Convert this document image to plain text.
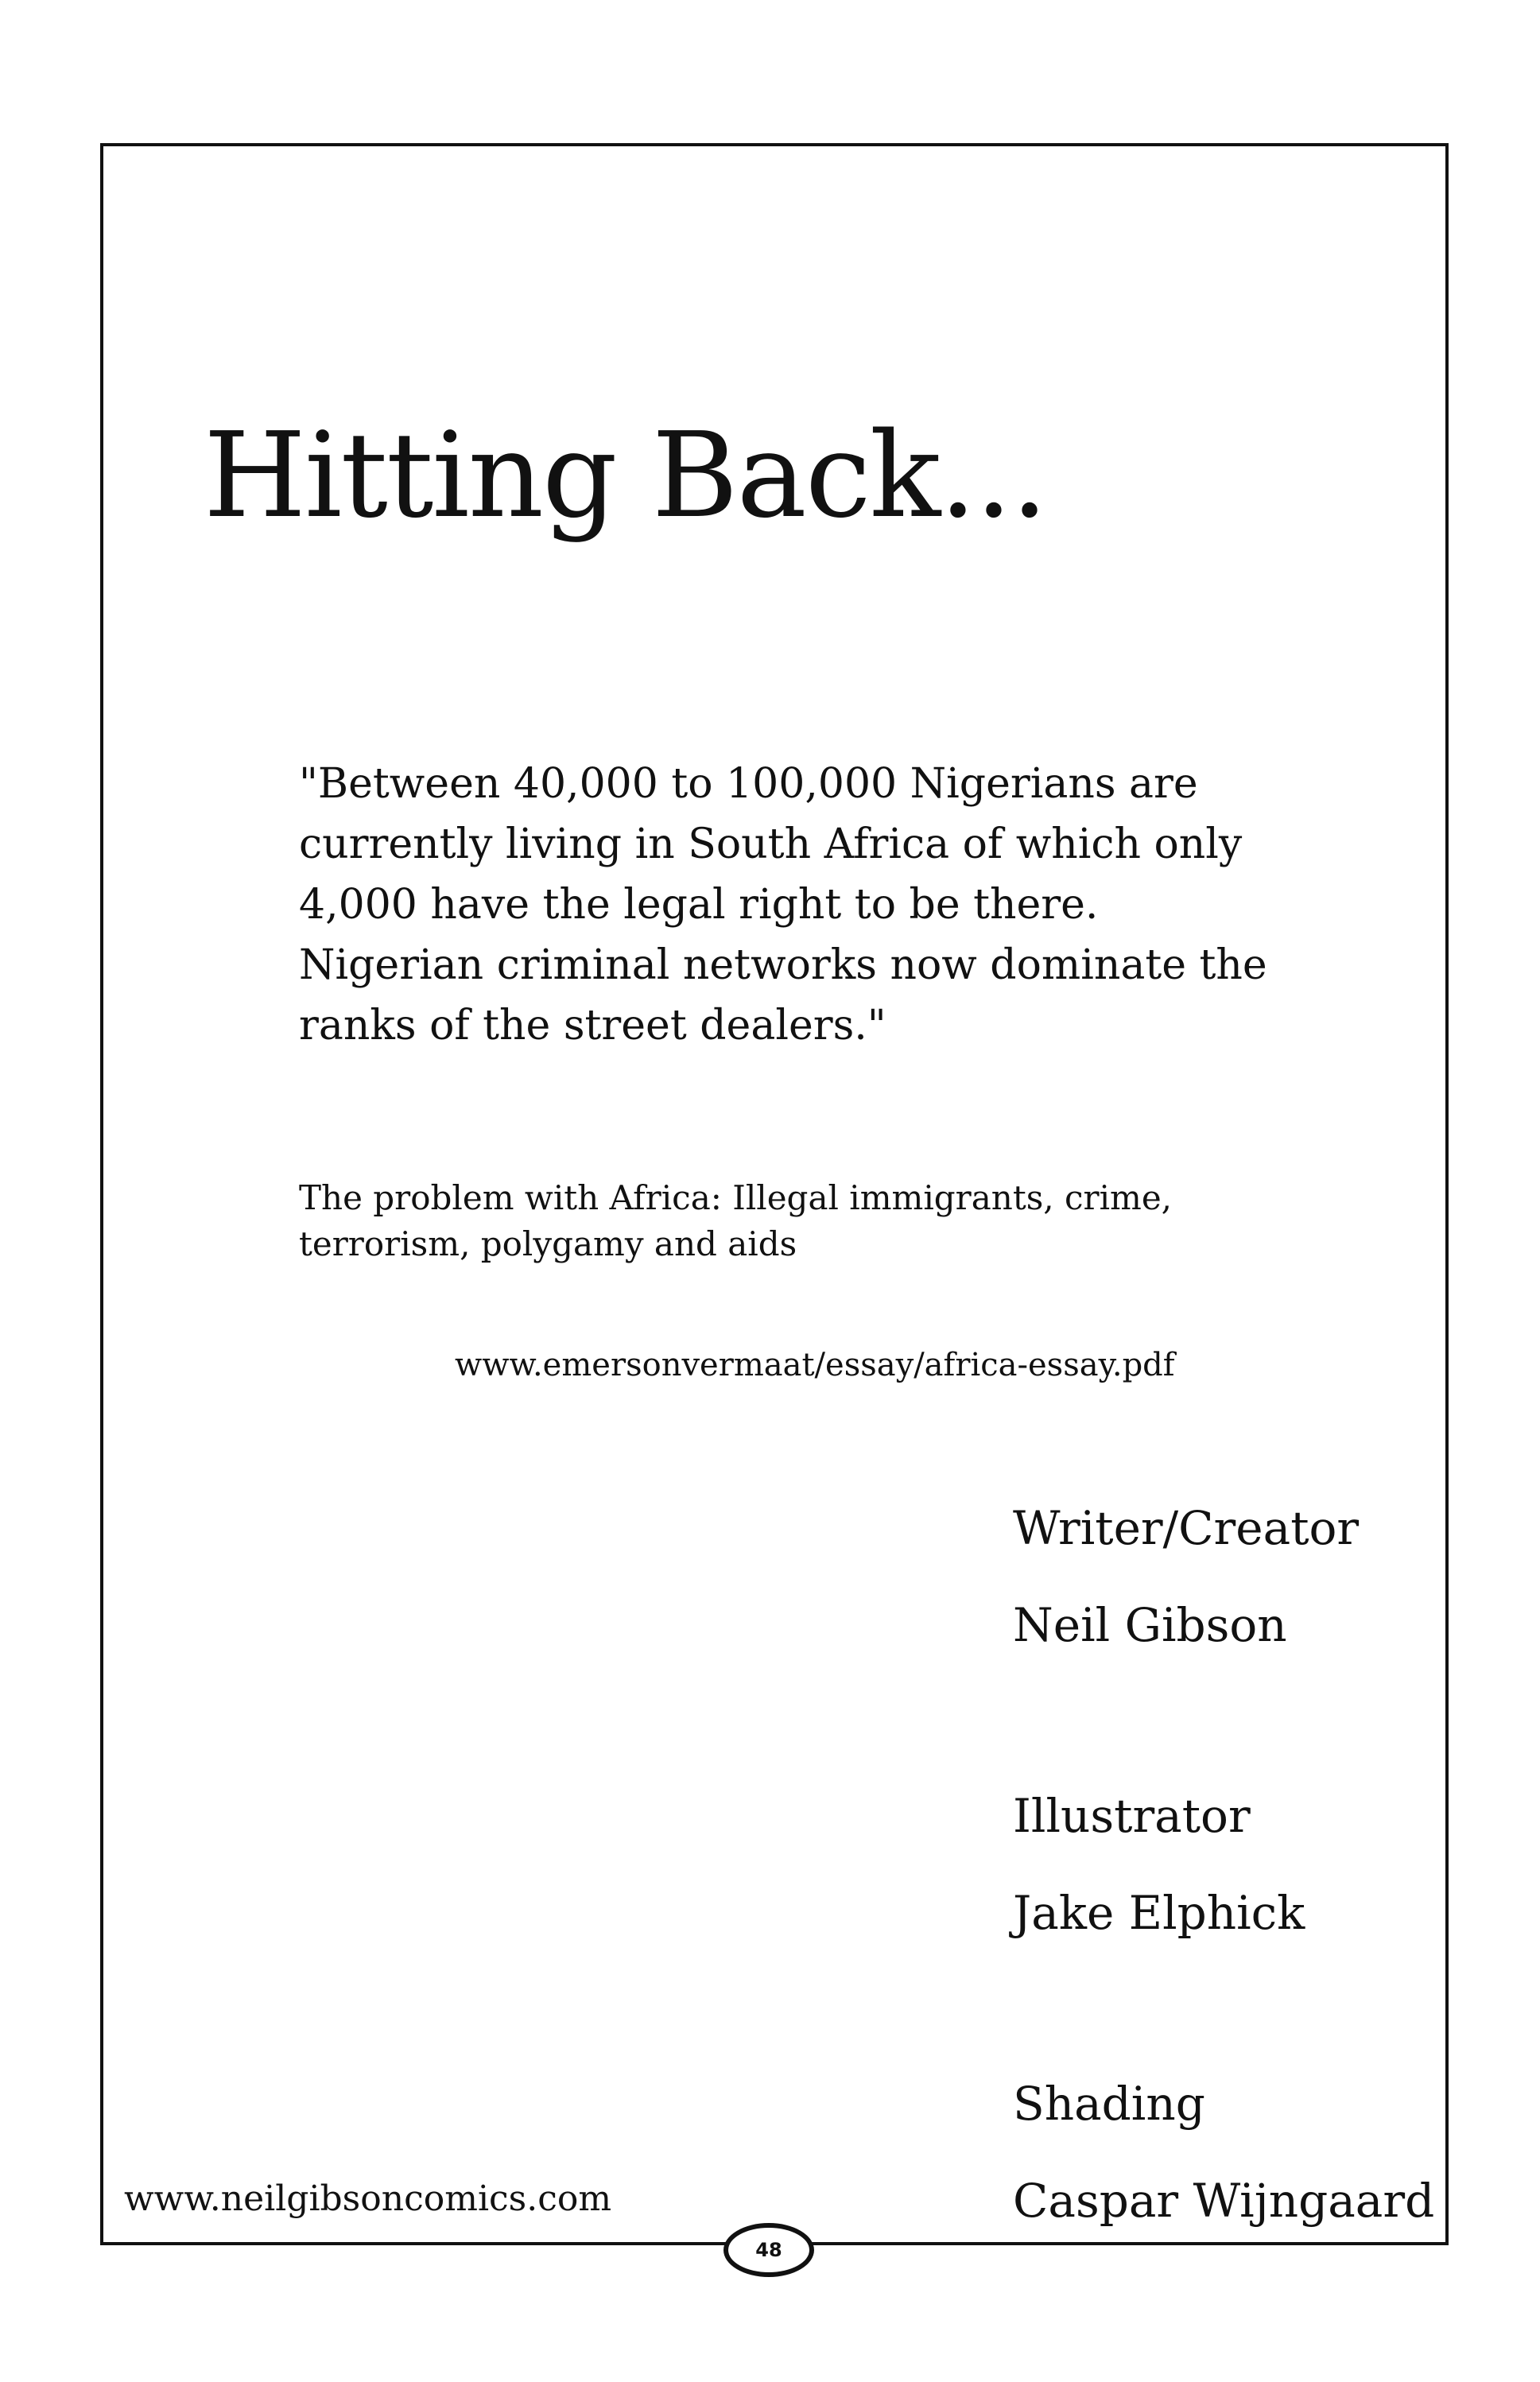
Hitting Back...

"Between 40,000 to 100,000 Nigerians are currently living in South Africa of which only 4,000 have the legal right to be there. Nigerian criminal networks now dominate the ranks of the street dealers."

The problem with Africa: Illegal immigrants, crime, terrorism, polygamy and aids

www.emersonvermaat/essay/africa-essay.pdf

Writer/Creator

Neil Gibson

Illustrator

Jake Elphick

Shading

Caspar Wijngaard

www.neilgibsoncomics.com

48
